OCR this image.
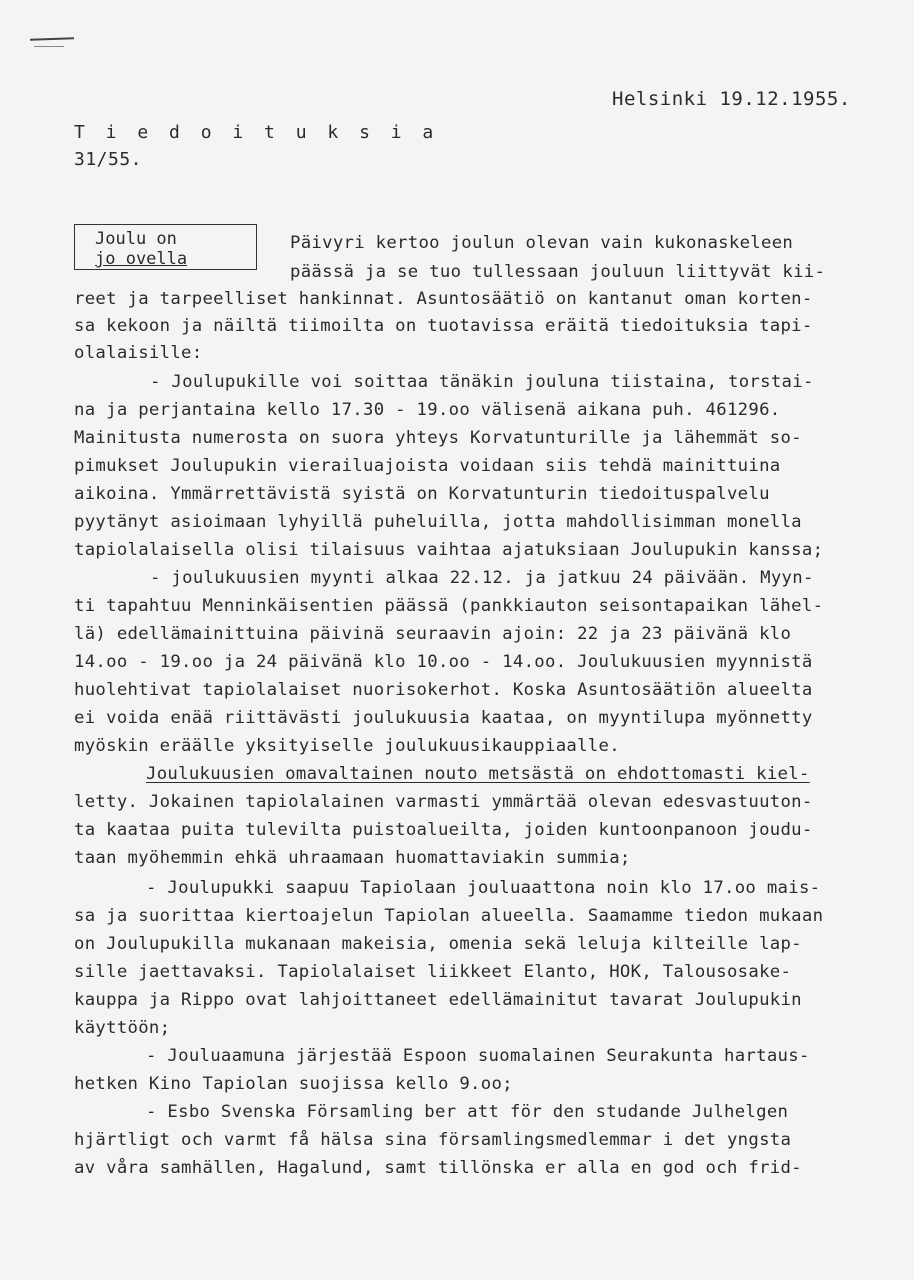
Helsinki 19.12.1955.
T i e d o i t u k s i a
31/55.
Joulu on
jo ovella
Päivyri kertoo joulun olevan vain kukonaskeleen
päässä ja se tuo tullessaan jouluun liittyvät kii-
reet ja tarpeelliset hankinnat. Asuntosäätiö on kantanut oman korten-
sa kekoon ja näiltä tiimoilta on tuotavissa eräitä tiedoituksia tapi-
olalaisille:
- Joulupukille voi soittaa tänäkin jouluna tiistaina, torstai-
na ja perjantaina kello 17.30 - 19.oo välisenä aikana puh. 461296.
Mainitusta numerosta on suora yhteys Korvatunturille ja lähemmät so-
pimukset Joulupukin vierailuajoista voidaan siis tehdä mainittuina
aikoina. Ymmärrettävistä syistä on Korvatunturin tiedoituspalvelu
pyytänyt asioimaan lyhyillä puheluilla, jotta mahdollisimman monella
tapiolalaisella olisi tilaisuus vaihtaa ajatuksiaan Joulupukin kanssa;
- joulukuusien myynti alkaa 22.12. ja jatkuu 24 päivään. Myyn-
ti tapahtuu Menninkäisentien päässä (pankkiauton seisontapaikan lähel-
lä) edellämainittuina päivinä seuraavin ajoin: 22 ja 23 päivänä klo
14.oo - 19.oo ja 24 päivänä klo 10.oo - 14.oo. Joulukuusien myynnistä
huolehtivat tapiolalaiset nuorisokerhot. Koska Asuntosäätiön alueelta
ei voida enää riittävästi joulukuusia kaataa, on myyntilupa myönnetty
myöskin eräälle yksityiselle joulukuusikauppiaalle.
Joulukuusien omavaltainen nouto metsästä on ehdottomasti kiel-
letty. Jokainen tapiolalainen varmasti ymmärtää olevan edesvastuuton-
ta kaataa puita tulevilta puistoalueilta, joiden kuntoonpanoon joudu-
taan myöhemmin ehkä uhraamaan huomattaviakin summia;
- Joulupukki saapuu Tapiolaan jouluaattona noin klo 17.oo mais-
sa ja suorittaa kiertoajelun Tapiolan alueella. Saamamme tiedon mukaan
on Joulupukilla mukanaan makeisia, omenia sekä leluja kilteille lap-
sille jaettavaksi. Tapiolalaiset liikkeet Elanto, HOK, Talousosake-
kauppa ja Rippo ovat lahjoittaneet edellämainitut tavarat Joulupukin
käyttöön;
- Jouluaamuna järjestää Espoon suomalainen Seurakunta hartaus-
hetken Kino Tapiolan suojissa kello 9.oo;
- Esbo Svenska Församling ber att för den studande Julhelgen
hjärtligt och varmt få hälsa sina församlingsmedlemmar i det yngsta
av våra samhällen, Hagalund, samt tillönska er alla en god och frid-
